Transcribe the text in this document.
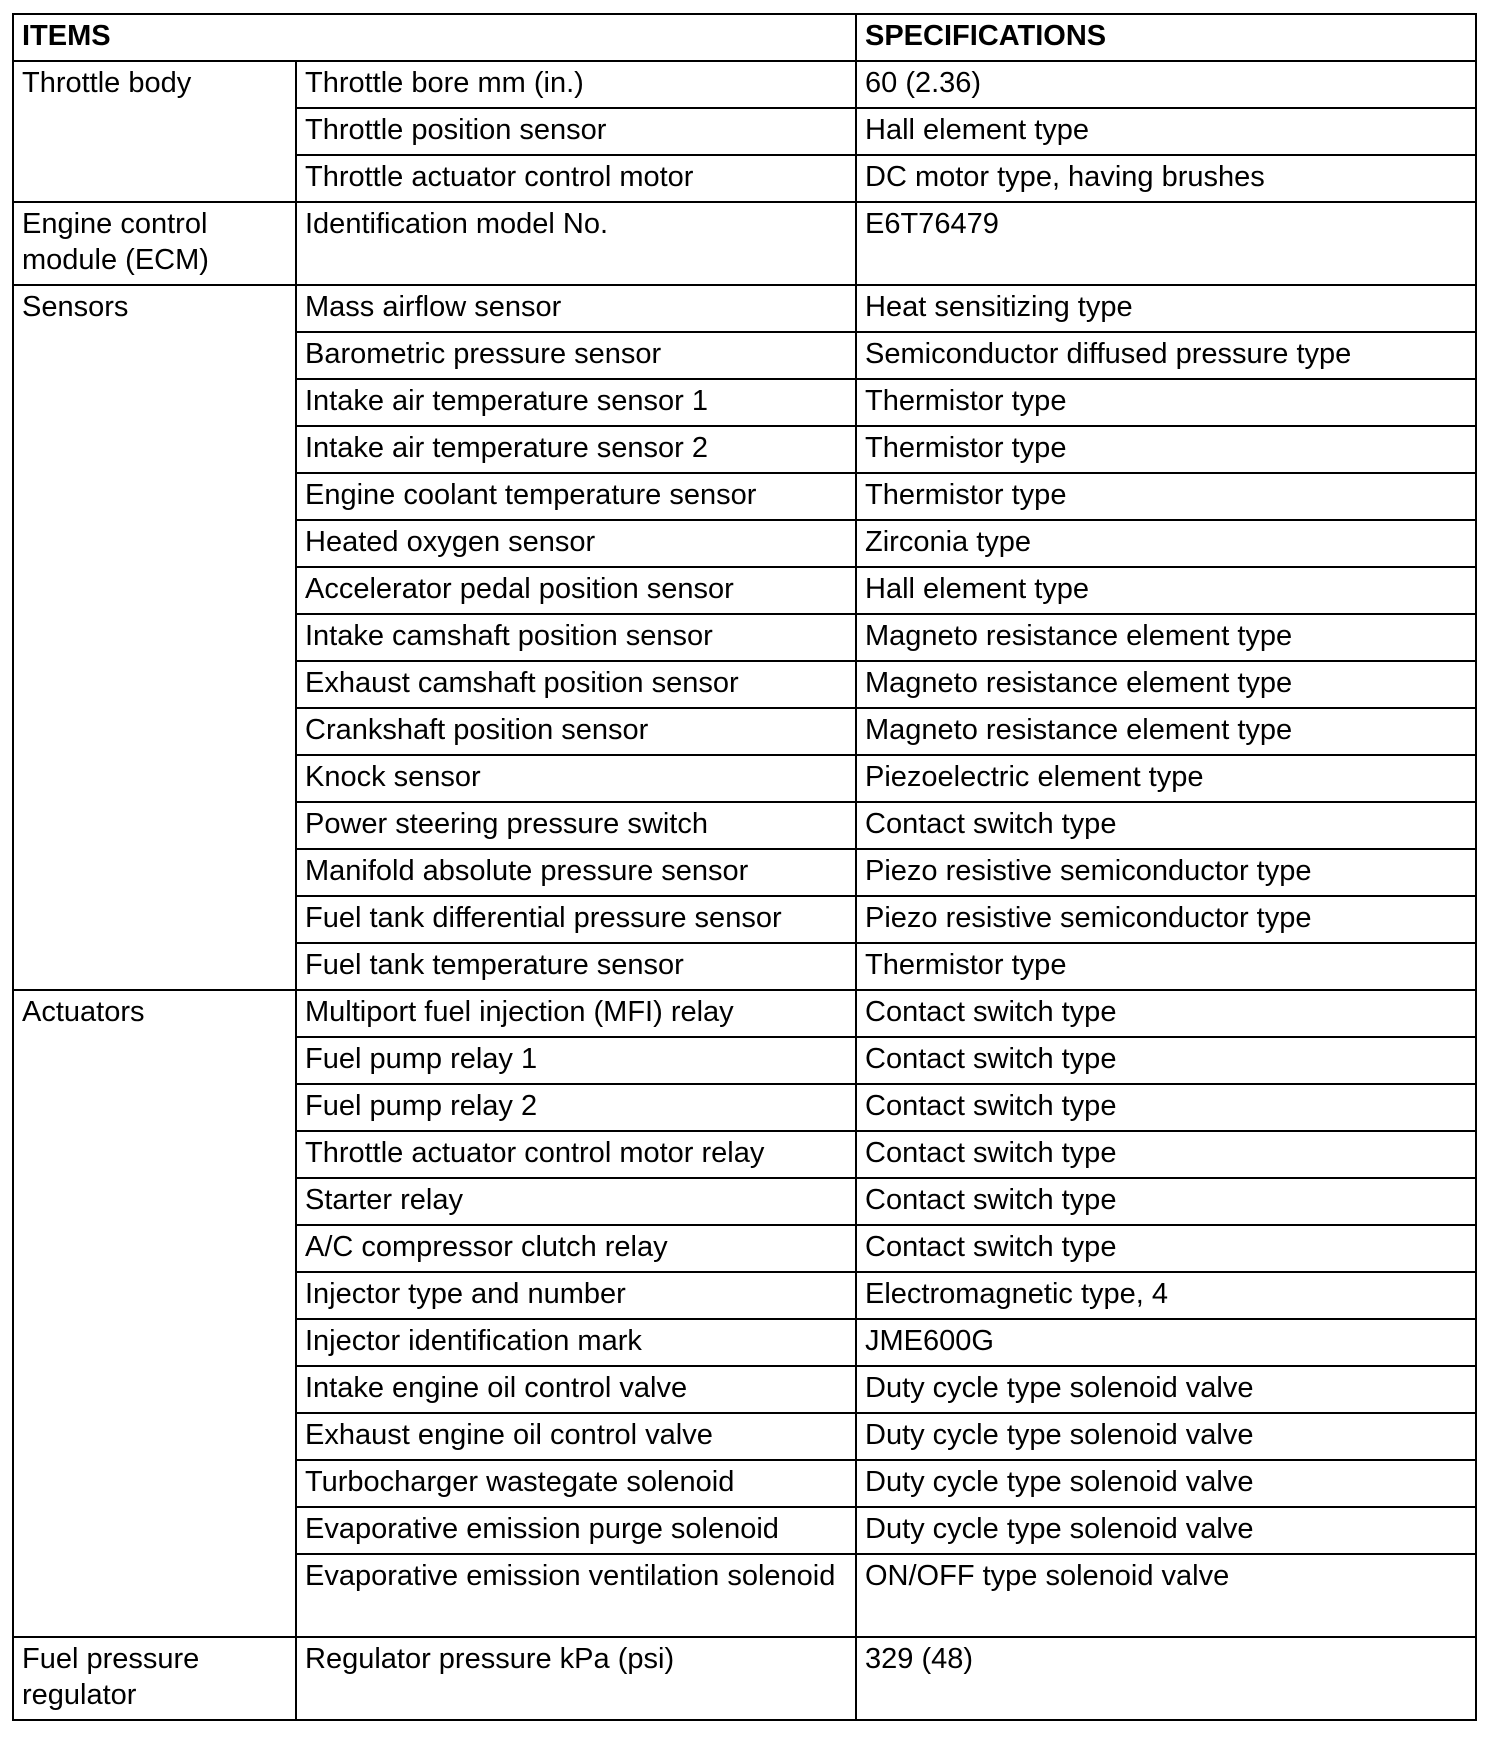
ITEMS		SPECIFICATIONS
Throttle body	Throttle bore mm (in.)	60 (2.36)
	Throttle position sensor	Hall element type
	Throttle actuator control motor	DC motor type, having brushes
Engine control module (ECM)	Identification model No.	E6T76479
Sensors	Mass airflow sensor	Heat sensitizing type
	Barometric pressure sensor	Semiconductor diffused pressure type
	Intake air temperature sensor 1	Thermistor type
	Intake air temperature sensor 2	Thermistor type
	Engine coolant temperature sensor	Thermistor type
	Heated oxygen sensor	Zirconia type
	Accelerator pedal position sensor	Hall element type
	Intake camshaft position sensor	Magneto resistance element type
	Exhaust camshaft position sensor	Magneto resistance element type
	Crankshaft position sensor	Magneto resistance element type
	Knock sensor	Piezoelectric element type
	Power steering pressure switch	Contact switch type
	Manifold absolute pressure sensor	Piezo resistive semiconductor type
	Fuel tank differential pressure sensor	Piezo resistive semiconductor type
	Fuel tank temperature sensor	Thermistor type
Actuators	Multiport fuel injection (MFI) relay	Contact switch type
	Fuel pump relay 1	Contact switch type
	Fuel pump relay 2	Contact switch type
	Throttle actuator control motor relay	Contact switch type
	Starter relay	Contact switch type
	A/C compressor clutch relay	Contact switch type
	Injector type and number	Electromagnetic type, 4
	Injector identification mark	JME600G
	Intake engine oil control valve	Duty cycle type solenoid valve
	Exhaust engine oil control valve	Duty cycle type solenoid valve
	Turbocharger wastegate solenoid	Duty cycle type solenoid valve
	Evaporative emission purge solenoid	Duty cycle type solenoid valve
	Evaporative emission ventilation solenoid	ON/OFF type solenoid valve
Fuel pressure regulator	Regulator pressure kPa (psi)	329 (48)
